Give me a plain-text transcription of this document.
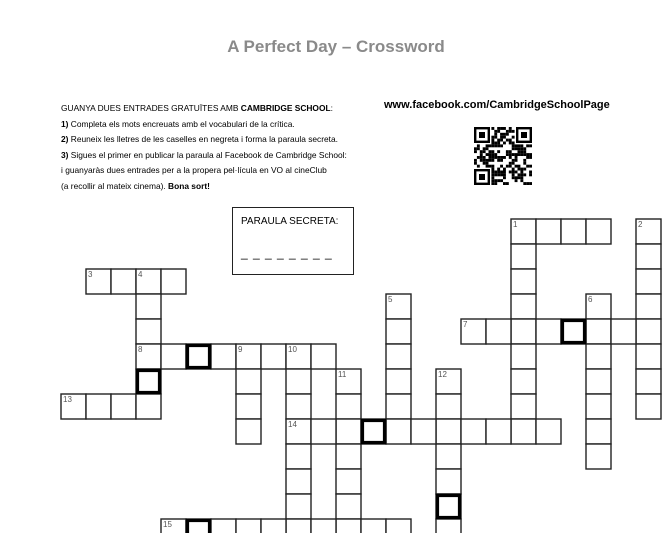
A Perfect Day – Crossword
GUANYA DUES ENTRADES GRATUÏTES AMB CAMBRIDGE SCHOOL:
1) Completa els mots encreuats amb el vocabulari de la crítica.
2) Reuneix les lletres de les caselles en negreta i forma la paraula secreta.
3) Sigues el primer en publicar la paraula al Facebook de Cambridge School:
i guanyaràs dues entrades per a la propera pel·lícula en VO al cineClub
(a recollir al mateix cinema). Bona sort!
www.facebook.com/CambridgeSchoolPage
PARAULA SECRETA:
_ _ _ _ _ _ _ _
1	2
3	4
5	6
7
8	9	10
11	12
13
14
15
